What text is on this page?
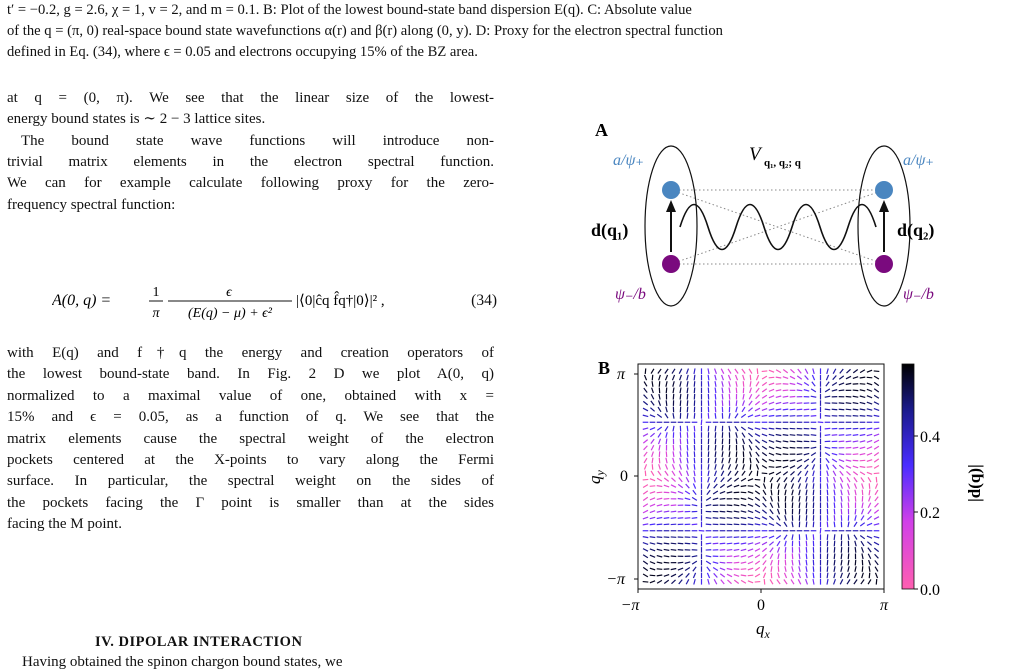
t′ = −0.2, g = 2.6, χ = 1, v = 2, and m = 0.1. B: Plot of the lowest bound-state band dispersion E(q). C: Absolute value
of the q = (π, 0) real-space bound state wavefunctions α(r) and β(r) along (0, y). D: Proxy for the electron spectral function
defined in Eq. (34), where ϵ = 0.05 and electrons occupying 15% of the BZ area.
at q = (0, π). We see that the linear size of the lowest-
energy bound states is ∼ 2 − 3 lattice sites.
The bound state wave functions will introduce non-
trivial matrix elements in the electron spectral function.
We can for example calculate following proxy for the zero-
frequency spectral function:
A(0, q) =	1
π
ϵ
(E(q) − μ) + ϵ²
|⟨0|ĉq f̂q†|0⟩|² ,	(34)
with E(q) and f†q the energy and creation operators of
the lowest bound-state band. In Fig. 2 D we plot A(0, q)
normalized to a maximal value of one, obtained with x =
15% and ϵ = 0.05, as a function of q. We see that the
matrix elements cause the spectral weight of the electron
pockets centered at the X-points to vary along the Fermi
surface. In particular, the spectral weight on the sides of
the pockets facing the Γ point is smaller than at the sides
facing the M point.
IV. DIPOLAR INTERACTION
Having obtained the spinon chargon bound states, we
A
V q₁, q₂; q
a/ψ₊	a/ψ₊
ψ₋/b	ψ₋/b
d(q₁)	d(q₂)
B
−π	0	π
π
0
−π
$q_x$
$q_y$
0.4
0.2
0.0
|d(q)|
